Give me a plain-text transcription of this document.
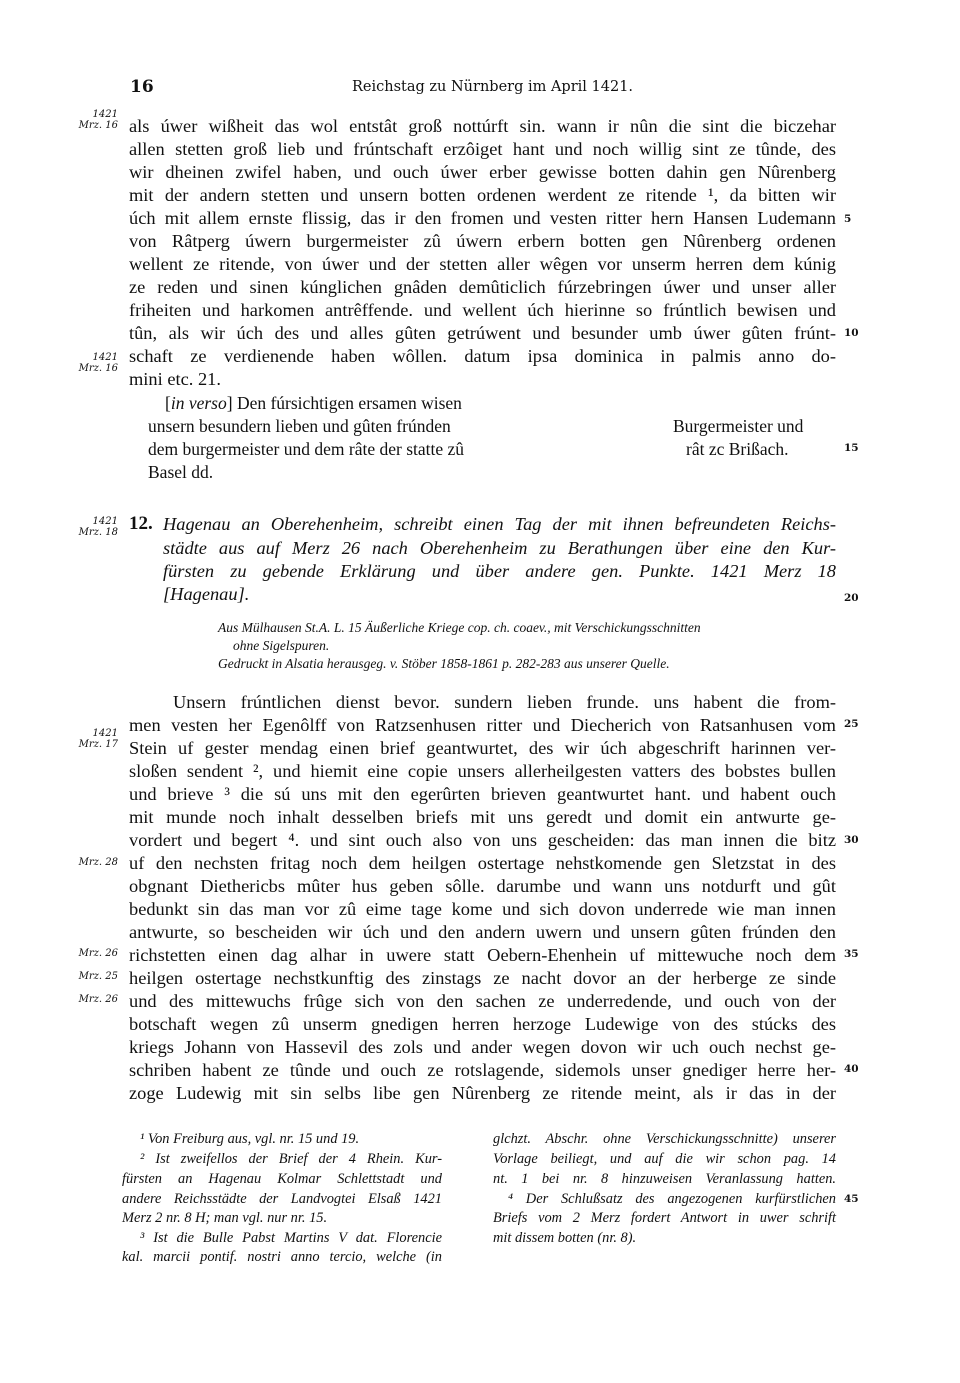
16	Reichstag zu Nürnberg im April 1421.
1421
Mrz. 16
1421
Mrz. 16
1421
Mrz. 18
1421
Mrz. 17
Mrz. 28
Mrz. 26
Mrz. 25
Mrz. 26
5
10
15
20
25
30
35
40
45
als úwer wißheit das wol entstât groß nottúrft sin. wann ir nûn die sint die biczehar
allen stetten groß lieb und frúntschaft erzôiget hant und noch willig sint ze tûnde, des
wir dheinen zwifel haben, und ouch úwer erber gewisse botten dahin gen Nûrenberg
mit der andern stetten und unsern botten ordenen werdent ze ritende ¹, da bitten wir
úch mit allem ernste flissig, das ir den fromen und vesten ritter hern Hansen Ludemann
von Râtperg úwern burgermeister zû úwern erbern botten gen Nûrenberg ordenen
wellent ze ritende, von úwer und der stetten aller wêgen vor unserm herren dem kúnig
ze reden und sinen kúnglichen gnâden demûticlich fúrzebringen úwer und unser aller
friheiten und harkomen antrêffende. und wellent úch hierinne so frúntlich bewisen und
tûn, als wir úch des und alles gûten getrúwent und besunder umb úwer gûten frúnt-
schaft ze verdienende haben wôllen. datum ipsa dominica in palmis anno do-
mini etc. 21.
[in verso] Den fúrsichtigen ersamen wisen
unsern besundern lieben und gûten frúnden
dem burgermeister und dem râte der statte zû
Basel dd.
Burgermeister und
rât zc Brißach.
12. Hagenau an Oberehenheim, schreibt einen Tag der mit ihnen befreundeten Reichs-
städte aus auf Merz 26 nach Oberehenheim zu Berathungen über eine den Kur-
fürsten zu gebende Erklärung und über andere gen. Punkte. 1421 Merz 18
[Hagenau].
Aus Mülhausen St.A. L. 15 Äußerliche Kriege cop. ch. coaev., mit Verschickungsschnitten
ohne Sigelspuren.
Gedruckt in Alsatia herausgeg. v. Stöber 1858-1861 p. 282-283 aus unserer Quelle.
Unsern frúntlichen dienst bevor. sundern lieben frunde. uns habent die from-
men vesten her Egenôlff von Ratzsenhusen ritter und Diecherich von Ratsanhusen vom
Stein uf gester mendag einen brief geantwurtet, des wir úch abgeschrift harinnen ver-
sloßen sendent ², und hiemit eine copie unsers allerheilgesten vatters des bobstes bullen
und brieve ³ die sú uns mit den egerûrten brieven geantwurtet hant. und habent ouch
mit munde noch inhalt desselben briefs mit uns geredt und domit ein antwurte ge-
vordert und begert ⁴. und sint ouch also von uns gescheiden: das man innen die bitz
uf den nechsten fritag noch dem heilgen ostertage nehstkomende gen Sletzstat in des
obgnant Diethericbs mûter hus geben sôlle. darumbe und wann uns notdurft und gût
bedunkt sin das man vor zû eime tage kome und sich dovon underrede wie man innen
antwurte, so bescheiden wir úch und den andern uwern und unsern gûten frúnden den
richstetten einen dag alhar in uwere statt Oebern-Ehenhein uf mittewuche noch dem
heilgen ostertage nechstkunftig des zinstags ze nacht dovor an der herberge ze sinde
und des mittewuchs frûge sich von den sachen ze underredende, und ouch von der
botschaft wegen zû unserm gnedigen herren herzoge Ludewige von des stúcks des
kriegs Johann von Hassevil des zols und ander wegen dovon wir uch ouch nechst ge-
schriben habent ze tûnde und ouch ze rotslagende, sidemols unser gnediger herre her-
zoge Ludewig mit sin selbs libe gen Nûrenberg ze ritende meint, als ir das in der
¹ Von Freiburg aus, vgl. nr. 15 und 19.
² Ist zweifellos der Brief der 4 Rhein. Kur-
fürsten an Hagenau Kolmar Schlettstadt und
andere Reichsstädte der Landvogtei Elsaß 1421
Merz 2 nr. 8 H; man vgl. nur nr. 15.
³ Ist die Bulle Pabst Martins V dat. Florencie
kal. marcii pontif. nostri anno tercio, welche (in
glchzt. Abschr. ohne Verschickungsschnitte) unserer
Vorlage beiliegt, und auf die wir schon pag. 14
nt. 1 bei nr. 8 hinzuweisen Veranlassung hatten.
⁴ Der Schlußsatz des angezogenen kurfürstlichen
Briefs vom 2 Merz fordert Antwort in uwer schrift
mit dissem botten (nr. 8).
